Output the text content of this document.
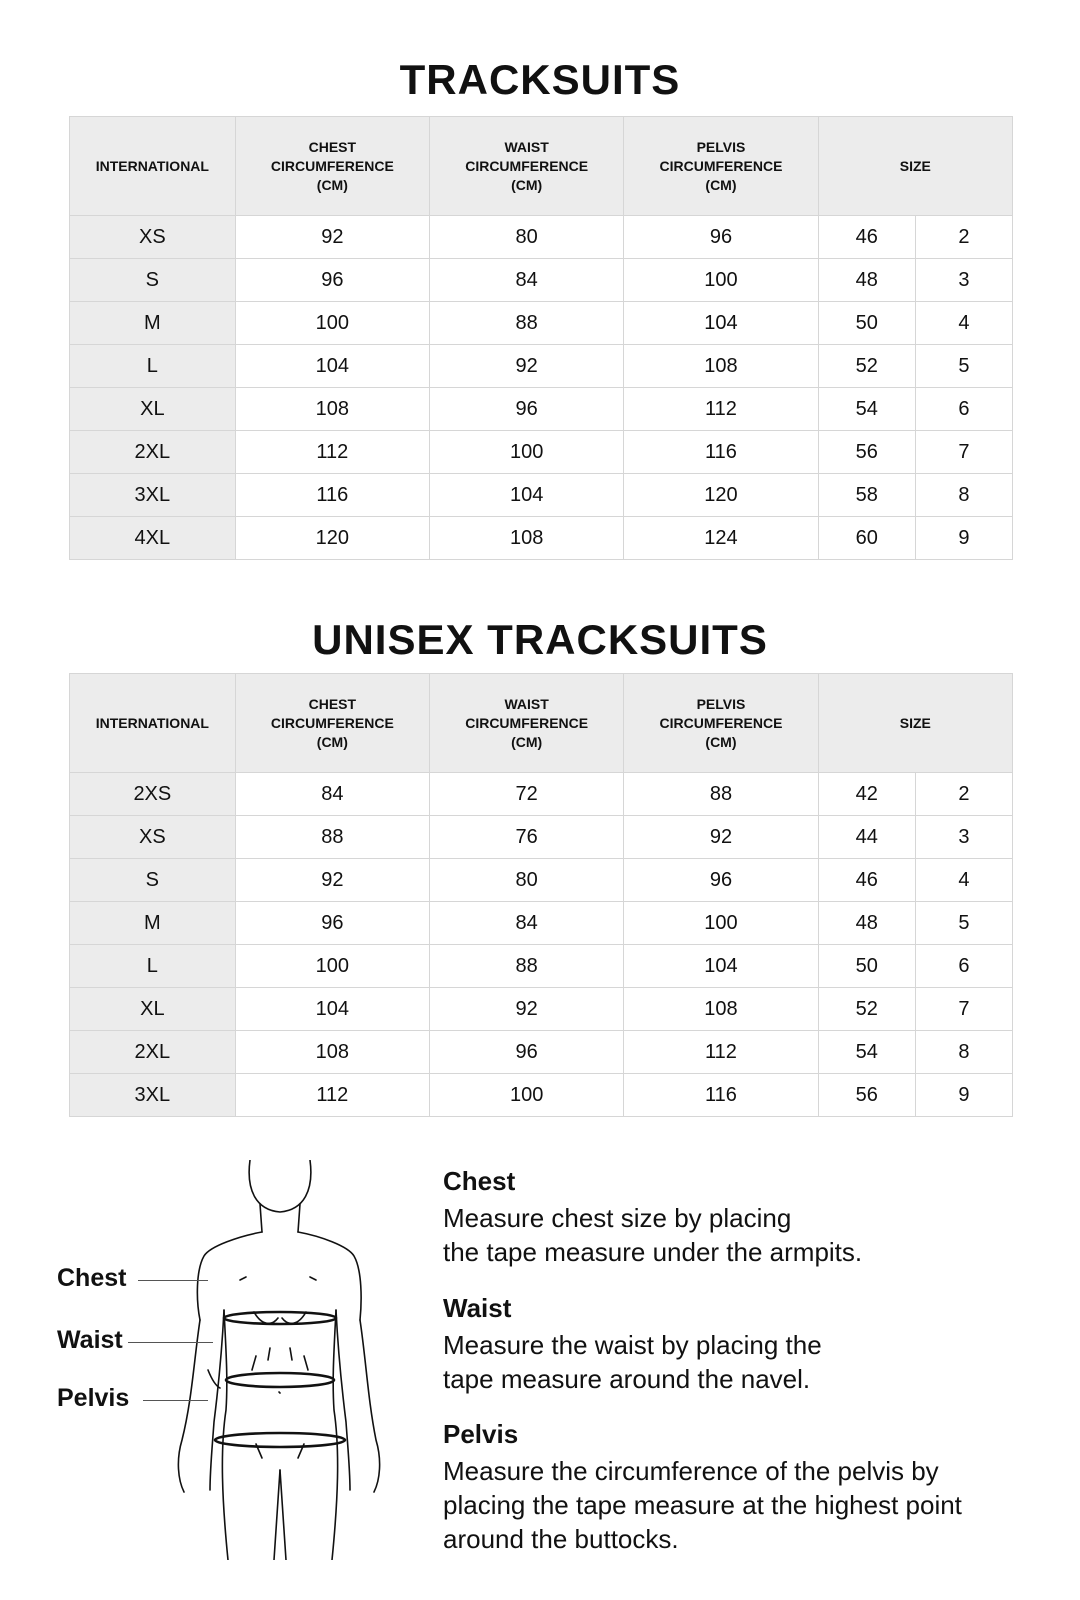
TRACKSUITS
INTERNATIONAL	CHEST
CIRCUMFERENCE
(CM)	WAIST
CIRCUMFERENCE
(CM)	PELVIS
CIRCUMFERENCE
(CM)	SIZE	
XS	92	80	96	46	2
S	96	84	100	48	3
M	100	88	104	50	4
L	104	92	108	52	5
XL	108	96	112	54	6
2XL	112	100	116	56	7
3XL	116	104	120	58	8
4XL	120	108	124	60	9
UNISEX TRACKSUITS
INTERNATIONAL	CHEST
CIRCUMFERENCE
(CM)	WAIST
CIRCUMFERENCE
(CM)	PELVIS
CIRCUMFERENCE
(CM)	SIZE	
2XS	84	72	88	42	2
XS	88	76	92	44	3
S	92	80	96	46	4
M	96	84	100	48	5
L	100	88	104	50	6
XL	104	92	108	52	7
2XL	108	96	112	54	8
3XL	112	100	116	56	9
Chest
Waist
Pelvis
Chest

Measure chest size by placing
the tape measure under the armpits.

Waist

Measure the waist by placing the
tape measure around the navel.

Pelvis

Measure the circumference of the pelvis by
placing the tape measure at the highest point
around the buttocks.
